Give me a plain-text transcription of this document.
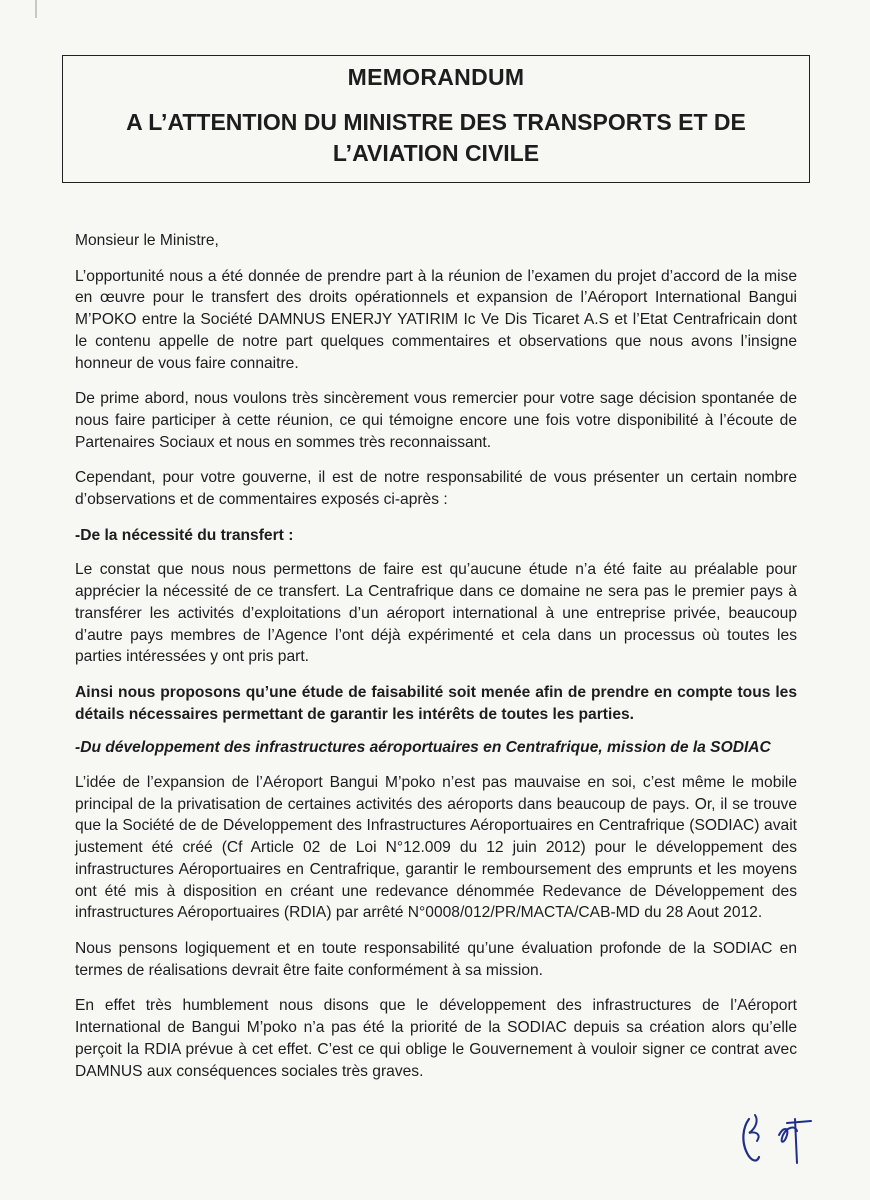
MEMORANDUM
A L’ATTENTION DU MINISTRE DES TRANSPORTS ET DE L’AVIATION CIVILE

Monsieur le Ministre,

L’opportunité nous a été donnée de prendre part à la réunion de l’examen du projet d’accord de la mise en œuvre pour le transfert des droits opérationnels et expansion de l’Aéroport International Bangui M’POKO entre la Société DAMNUS ENERJY YATIRIM Ic Ve Dis Ticaret A.S et l’Etat Centrafricain dont le contenu appelle de notre part quelques commentaires et observations que nous avons l’insigne honneur de vous faire connaitre.

De prime abord, nous voulons très sincèrement vous remercier pour votre sage décision spontanée de nous faire participer à cette réunion, ce qui témoigne encore une fois votre disponibilité à l’écoute de Partenaires Sociaux et nous en sommes très reconnaissant.

Cependant, pour votre gouverne, il est de notre responsabilité de vous présenter un certain nombre d’observations et de commentaires exposés ci-après :

-De la nécessité du transfert :

Le constat que nous nous permettons de faire est qu’aucune étude n’a été faite au préalable pour apprécier la nécessité de ce transfert. La Centrafrique dans ce domaine ne sera pas le premier pays à transférer les activités d’exploitations d’un aéroport international à une entreprise privée, beaucoup d’autre pays membres de l’Agence l’ont déjà expérimenté et cela dans un processus où toutes les parties intéressées y ont pris part.

Ainsi nous proposons qu’une étude de faisabilité soit menée afin de prendre en compte tous les détails nécessaires permettant de garantir les intérêts de toutes les parties.

-Du développement des infrastructures aéroportuaires en Centrafrique, mission de la SODIAC

L’idée de l’expansion de l’Aéroport Bangui M’poko n’est pas mauvaise en soi, c’est même le mobile principal de la privatisation de certaines activités des aéroports dans beaucoup de pays. Or, il se trouve que la Société de de Développement des Infrastructures Aéroportuaires en Centrafrique (SODIAC) avait justement été créé (Cf Article 02 de Loi N°12.009 du 12 juin 2012) pour le développement des infrastructures Aéroportuaires en Centrafrique, garantir le remboursement des emprunts et les moyens ont été mis à disposition en créant une redevance dénommée Redevance de Développement des infrastructures Aéroportuaires (RDIA) par arrêté N°0008/012/PR/MACTA/CAB-MD du 28 Aout 2012.

Nous pensons logiquement et en toute responsabilité qu’une évaluation profonde de la SODIAC en termes de réalisations devrait être faite conformément à sa mission.

En effet très humblement nous disons que le développement des infrastructures de l’Aéroport International de Bangui M’poko n’a pas été la priorité de la SODIAC depuis sa création alors qu’elle perçoit la RDIA prévue à cet effet. C’est ce qui oblige le Gouvernement à vouloir signer ce contrat avec DAMNUS aux conséquences sociales très graves.
